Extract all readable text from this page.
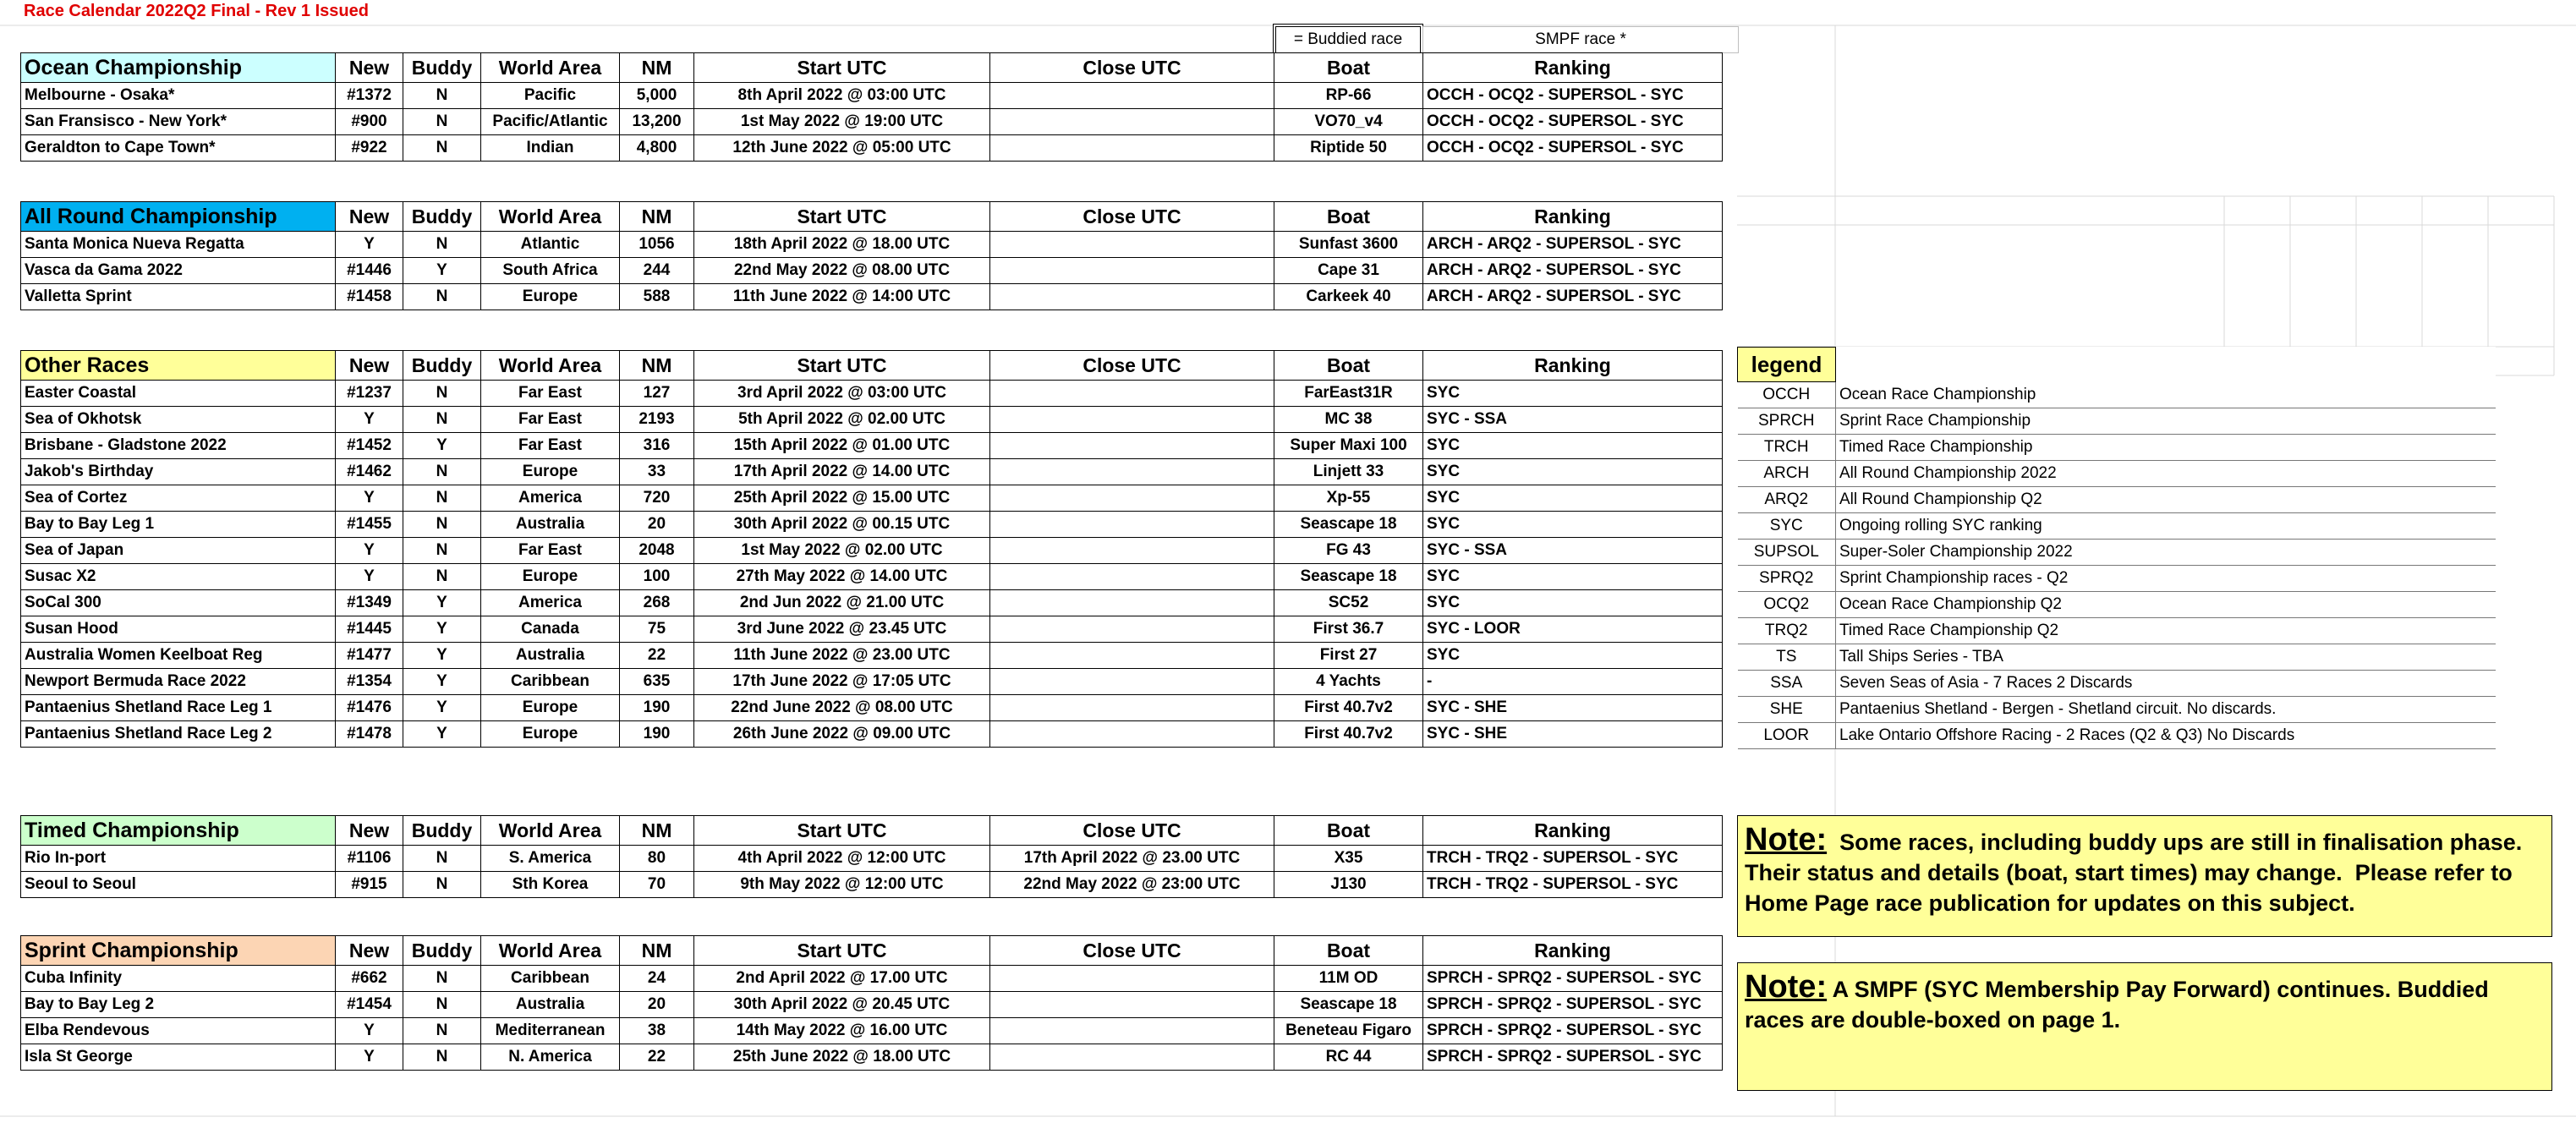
Race Calendar 2022Q2 Final - Rev 1 Issued
= Buddied race	SMPF race *
Ocean Championship	New	Buddy	World Area	NM	Start UTC	Close UTC	Boat	Ranking
Melbourne - Osaka*	#1372	N	Pacific	5,000	8th April 2022 @ 03:00 UTC		RP-66	OCCH - OCQ2 - SUPERSOL - SYC
San Fransisco - New York*	#900	N	Pacific/Atlantic	13,200	1st May 2022 @ 19:00 UTC		VO70_v4	OCCH - OCQ2 - SUPERSOL - SYC
Geraldton to Cape Town*	#922	N	Indian	4,800	12th June 2022 @ 05:00 UTC		Riptide 50	OCCH - OCQ2 - SUPERSOL - SYC
All Round Championship	New	Buddy	World Area	NM	Start UTC	Close UTC	Boat	Ranking
Santa Monica Nueva Regatta	Y	N	Atlantic	1056	18th April 2022 @ 18.00 UTC		Sunfast 3600	ARCH - ARQ2 - SUPERSOL - SYC
Vasca da Gama 2022	#1446	Y	South Africa	244	22nd May 2022 @ 08.00 UTC		Cape 31	ARCH - ARQ2 - SUPERSOL - SYC
Valletta Sprint	#1458	N	Europe	588	11th June 2022 @ 14:00 UTC		Carkeek 40	ARCH - ARQ2 - SUPERSOL - SYC
Other Races	New	Buddy	World Area	NM	Start UTC	Close UTC	Boat	Ranking
Easter Coastal	#1237	N	Far East	127	3rd April 2022 @ 03:00 UTC		FarEast31R	SYC
Sea of Okhotsk	Y	N	Far East	2193	5th April 2022 @ 02.00 UTC		MC 38	SYC - SSA
Brisbane - Gladstone 2022	#1452	Y	Far East	316	15th April 2022 @ 01.00 UTC		Super Maxi 100	SYC
Jakob's Birthday	#1462	N	Europe	33	17th April 2022 @ 14.00 UTC		Linjett 33	SYC
Sea of Cortez	Y	N	America	720	25th April 2022 @ 15.00 UTC		Xp-55	SYC
Bay to Bay Leg 1	#1455	N	Australia	20	30th April 2022 @ 00.15 UTC		Seascape 18	SYC
Sea of Japan	Y	N	Far East	2048	1st May 2022 @ 02.00 UTC		FG 43	SYC - SSA
Susac X2	Y	N	Europe	100	27th May 2022 @ 14.00 UTC		Seascape 18	SYC
SoCal 300	#1349	Y	America	268	2nd Jun 2022 @ 21.00 UTC		SC52	SYC
Susan Hood	#1445	Y	Canada	75	3rd June 2022 @ 23.45 UTC		First 36.7	SYC - LOOR
Australia Women Keelboat Reg	#1477	Y	Australia	22	11th June 2022 @ 23.00 UTC		First 27	SYC
Newport Bermuda Race 2022	#1354	Y	Caribbean	635	17th June 2022 @ 17:05 UTC		4 Yachts	-
Pantaenius Shetland Race Leg 1	#1476	Y	Europe	190	22nd June 2022 @ 08.00 UTC		First 40.7v2	SYC - SHE
Pantaenius Shetland Race Leg 2	#1478	Y	Europe	190	26th June 2022 @ 09.00 UTC		First 40.7v2	SYC - SHE
Timed Championship	New	Buddy	World Area	NM	Start UTC	Close UTC	Boat	Ranking
Rio In-port	#1106	N	S. America	80	4th April 2022 @ 12:00 UTC	17th April 2022 @ 23.00 UTC	X35	TRCH - TRQ2 - SUPERSOL - SYC
Seoul to Seoul	#915	N	Sth Korea	70	9th May 2022 @ 12:00 UTC	22nd May 2022 @ 23:00 UTC	J130	TRCH - TRQ2 - SUPERSOL - SYC
Sprint Championship	New	Buddy	World Area	NM	Start UTC	Close UTC	Boat	Ranking
Cuba Infinity	#662	N	Caribbean	24	2nd April 2022 @ 17.00 UTC		11M OD	SPRCH - SPRQ2 - SUPERSOL - SYC
Bay to Bay Leg 2	#1454	N	Australia	20	30th April 2022 @ 20.45 UTC		Seascape 18	SPRCH - SPRQ2 - SUPERSOL - SYC
Elba Rendevous	Y	N	Mediterranean	38	14th May 2022 @ 16.00 UTC		Beneteau Figaro	SPRCH - SPRQ2 - SUPERSOL - SYC
Isla St George	Y	N	N. America	22	25th June 2022 @ 18.00 UTC		RC 44	SPRCH - SPRQ2 - SUPERSOL - SYC
legend	
OCCH	Ocean Race Championship
SPRCH	Sprint Race Championship
TRCH	Timed Race Championship
ARCH	All Round Championship 2022
ARQ2	All Round Championship Q2
SYC	Ongoing rolling SYC ranking
SUPSOL	Super-Soler Championship 2022
SPRQ2	Sprint Championship races - Q2
OCQ2	Ocean Race Championship Q2
TRQ2	Timed Race Championship Q2
TS	Tall Ships Series - TBA
SSA	Seven Seas of Asia - 7 Races 2 Discards
SHE	Pantaenius Shetland - Bergen - Shetland circuit. No discards.
LOOR	Lake Ontario Offshore Racing - 2 Races (Q2 & Q3) No Discards
Note:  Some races, including buddy ups are still in finalisation phase.  Their status and details (boat, start times) may change.  Please refer to Home Page race publication for updates on this subject.
Note: A SMPF (SYC Membership Pay Forward) continues. Buddied races are double-boxed on page 1.
